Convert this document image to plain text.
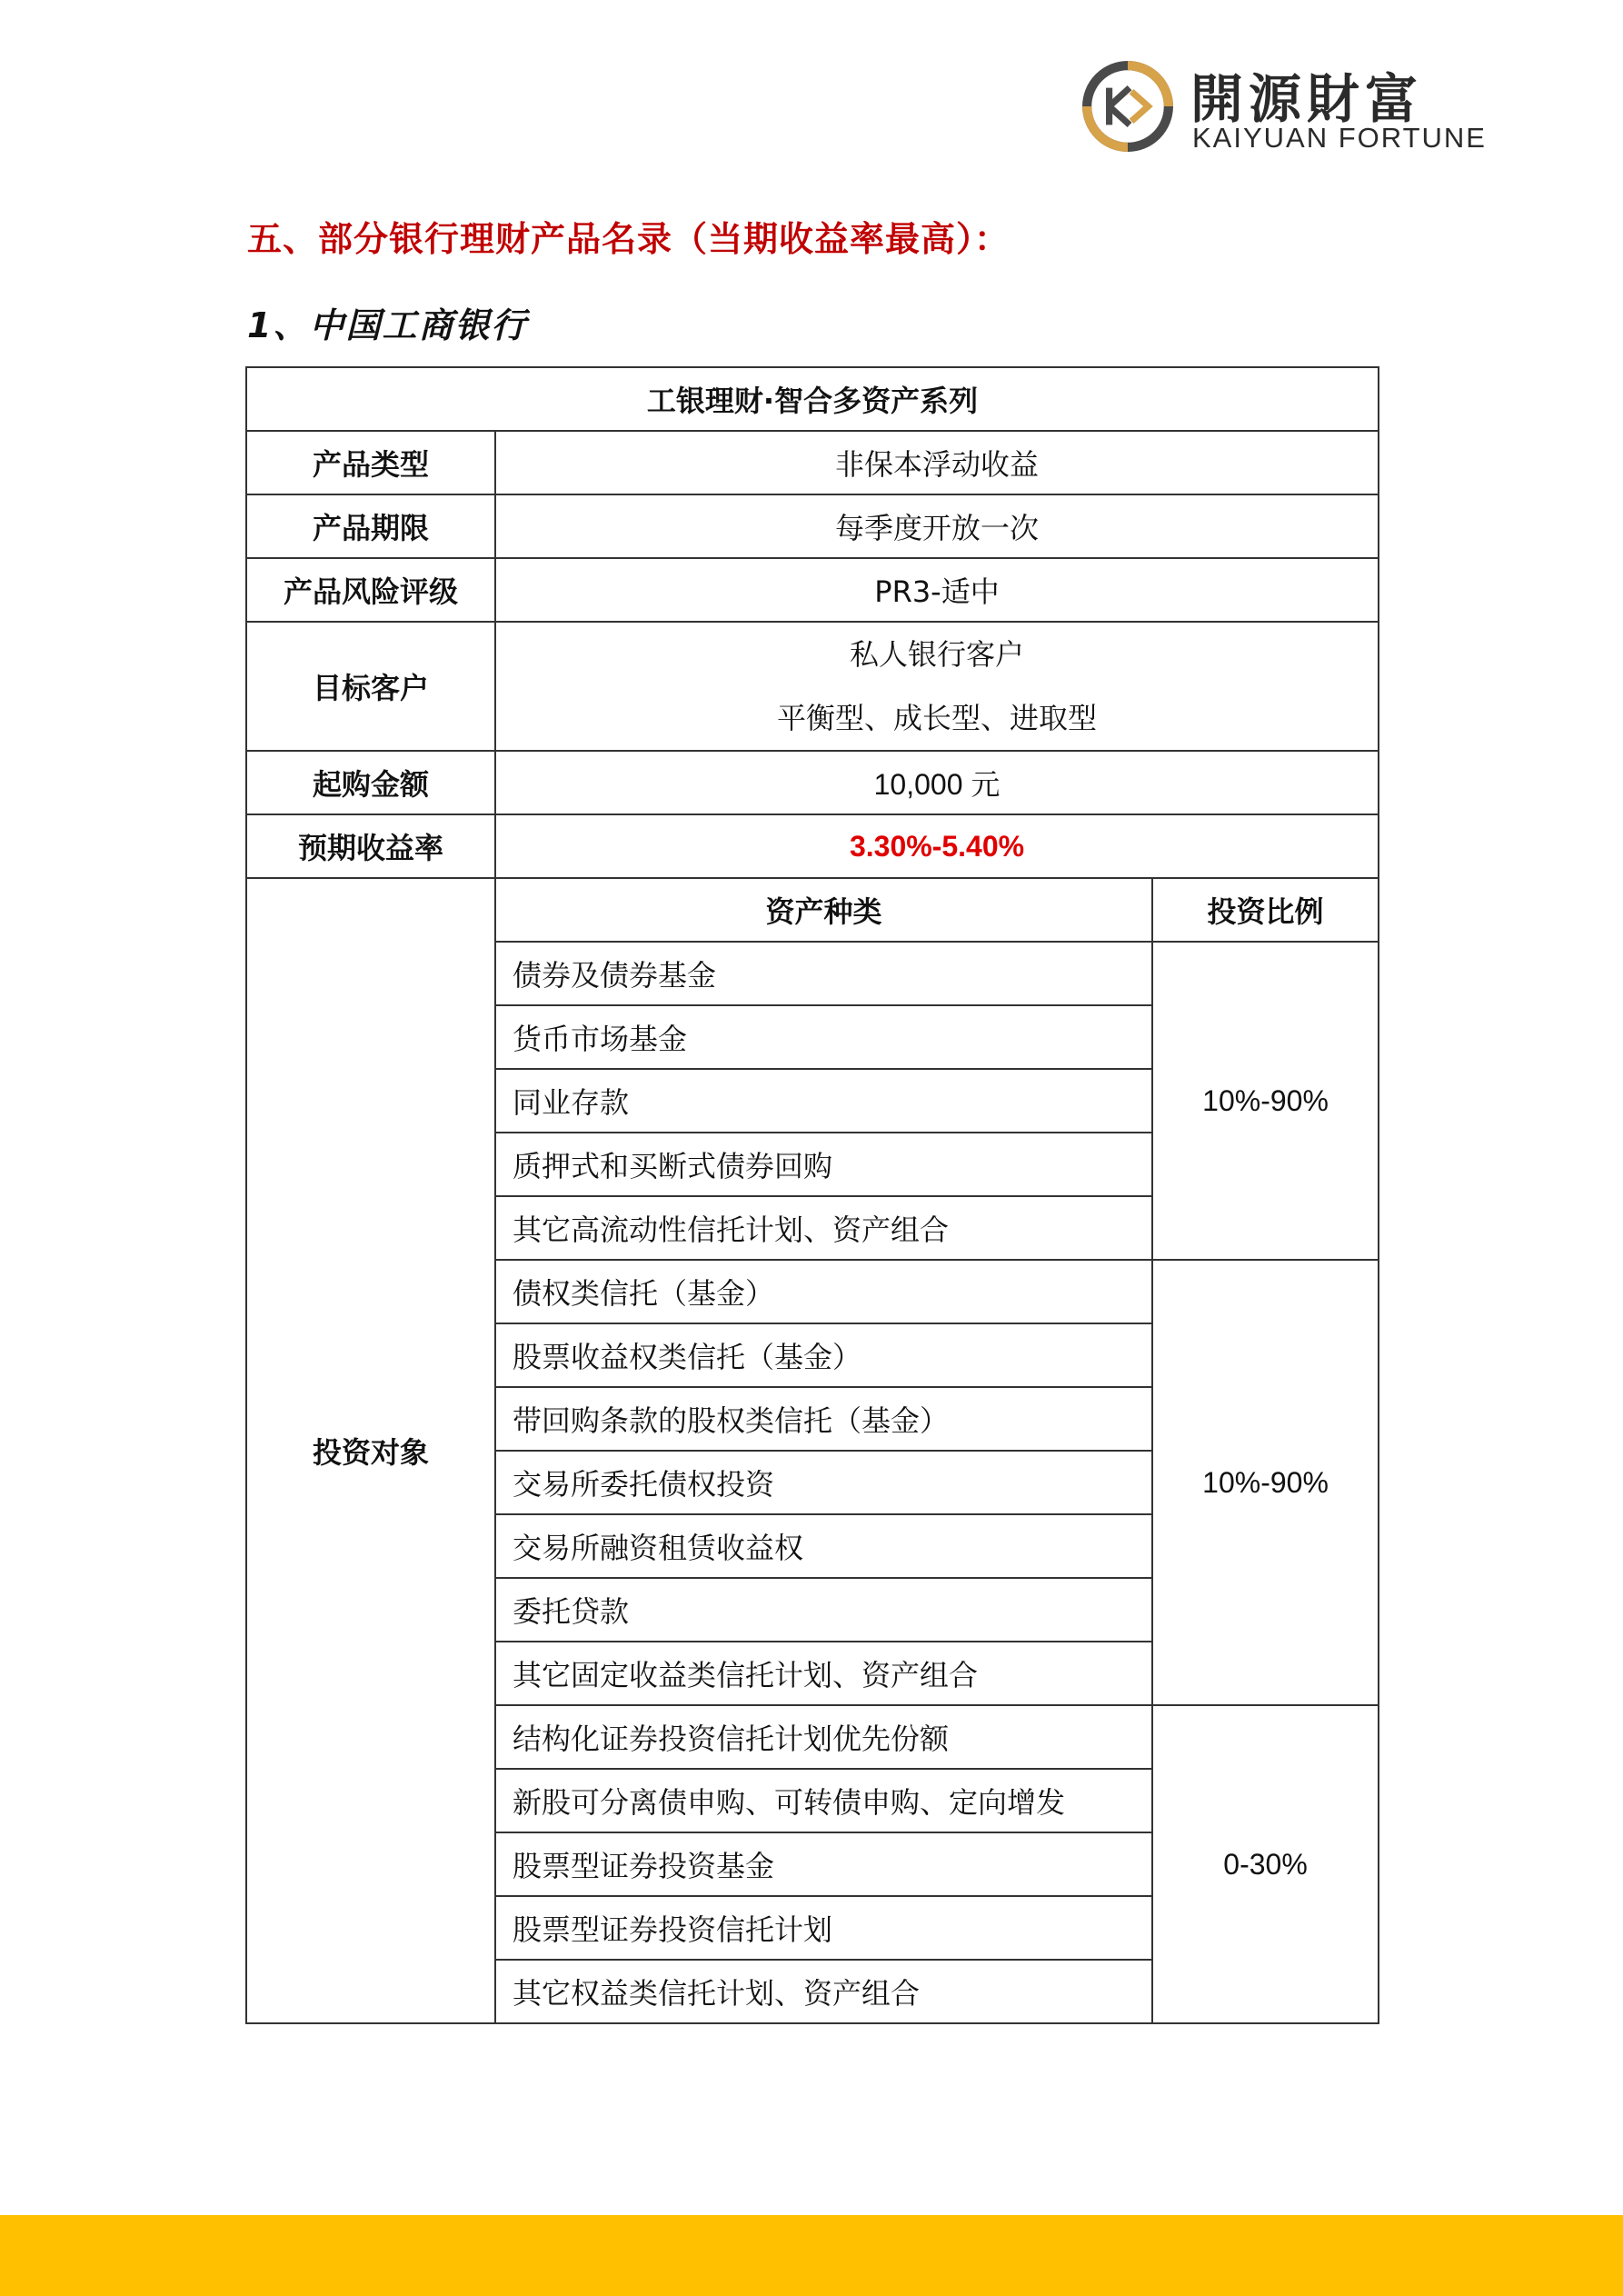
開源財富
KAIYUAN FORTUNE
五、部分银行理财产品名录（当期收益率最高）：
1、中国工商银行
工银理财·智合多资产系列		
产品类型	非保本浮动收益	
产品期限	每季度开放一次	
产品风险评级	PR3-适中	
目标客户	私人银行客户
平衡型、成长型、进取型	

起购金额	10,000 元	
预期收益率	3.30%-5.40%	
投资对象	资产种类	投资比例
	债券及债券基金	10%-90%
	货币市场基金	
	同业存款	
	质押式和买断式债券回购	
	其它高流动性信托计划、资产组合	
	债权类信托（基金）	10%-90%
	股票收益权类信托（基金）	
	带回购条款的股权类信托（基金）	
	交易所委托债权投资	
	交易所融资租赁收益权	
	委托贷款	
	其它固定收益类信托计划、资产组合	
	结构化证券投资信托计划优先份额	0-30%
	新股可分离债申购、可转债申购、定向增发	
	股票型证券投资基金	
	股票型证券投资信托计划	
	其它权益类信托计划、资产组合	
